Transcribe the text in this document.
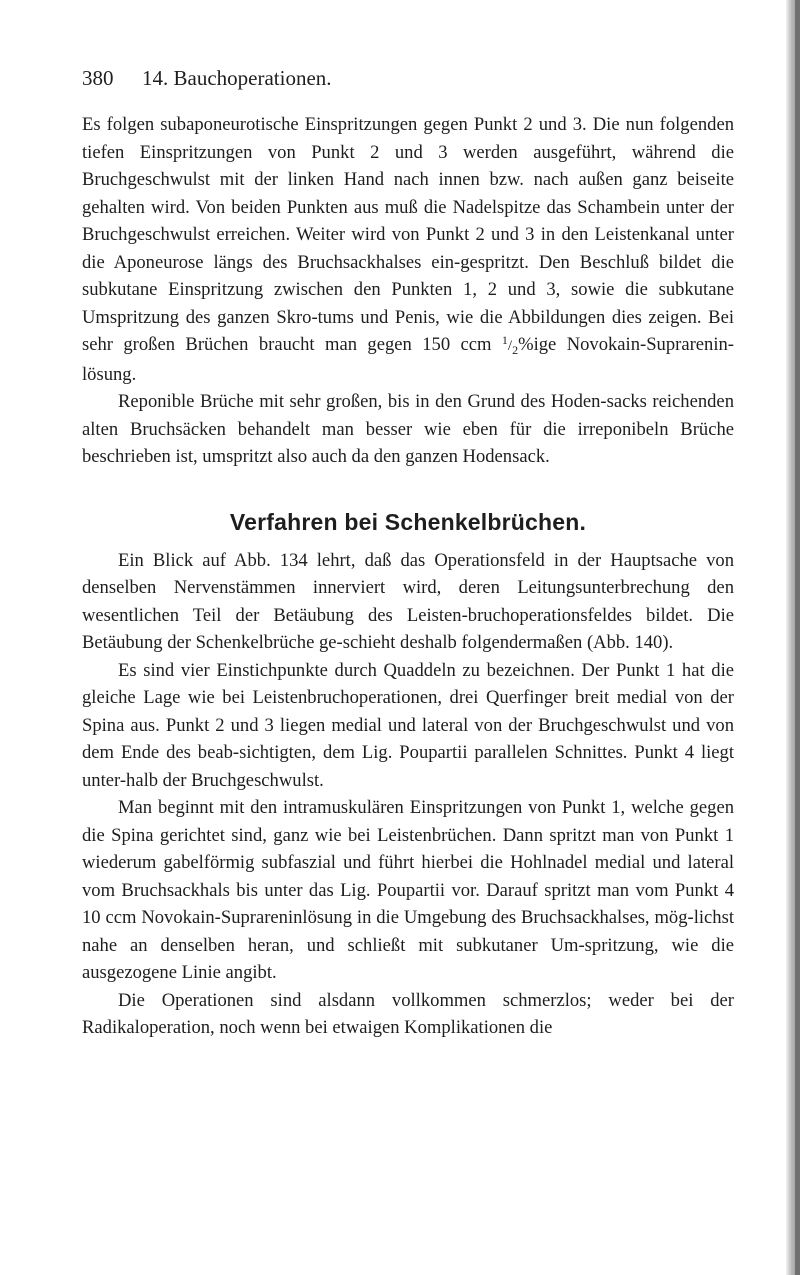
380 14. Bauchoperationen.

Es folgen subaponeurotische Einspritzungen gegen Punkt 2 und 3. Die nun folgenden tiefen Einspritzungen von Punkt 2 und 3 werden ausgeführt, während die Bruchgeschwulst mit der linken Hand nach innen bzw. nach außen ganz beiseite gehalten wird. Von beiden Punkten aus muß die Nadelspitze das Schambein unter der Bruchgeschwulst erreichen. Weiter wird von Punkt 2 und 3 in den Leistenkanal unter die Aponeurose längs des Bruchsackhalses ein-gespritzt. Den Beschluß bildet die subkutane Einspritzung zwischen den Punkten 1, 2 und 3, sowie die subkutane Umspritzung des ganzen Skro-tums und Penis, wie die Abbildungen dies zeigen. Bei sehr großen Brüchen braucht man gegen 150 ccm $^1/_2\%ige$ Novokain-Suprarenin-lösung.

Reponible Brüche mit sehr großen, bis in den Grund des Hoden-sacks reichenden alten Bruchsäcken behandelt man besser wie eben für die irreponibeln Brüche beschrieben ist, umspritzt also auch da den ganzen Hodensack.

Verfahren bei Schenkelbrüchen.

Ein Blick auf Abb. 134 lehrt, daß das Operationsfeld in der Hauptsache von denselben Nervenstämmen innerviert wird, deren Leitungsunterbrechung den wesentlichen Teil der Betäubung des Leisten-bruchoperationsfeldes bildet. Die Betäubung der Schenkelbrüche ge-schieht deshalb folgendermaßen (Abb. 140).

Es sind vier Einstichpunkte durch Quaddeln zu bezeichnen. Der Punkt 1 hat die gleiche Lage wie bei Leistenbruchoperationen, drei Querfinger breit medial von der Spina aus. Punkt 2 und 3 liegen medial und lateral von der Bruchgeschwulst und von dem Ende des beab-sichtigten, dem Lig. Poupartii parallelen Schnittes. Punkt 4 liegt unter-halb der Bruchgeschwulst.

Man beginnt mit den intramuskulären Einspritzungen von Punkt 1, welche gegen die Spina gerichtet sind, ganz wie bei Leistenbrüchen. Dann spritzt man von Punkt 1 wiederum gabelförmig subfaszial und führt hierbei die Hohlnadel medial und lateral vom Bruchsackhals bis unter das Lig. Poupartii vor. Darauf spritzt man vom Punkt 4 10 ccm Novokain-Suprareninlösung in die Umgebung des Bruchsackhalses, mög-lichst nahe an denselben heran, und schließt mit subkutaner Um-spritzung, wie die ausgezogene Linie angibt.

Die Operationen sind alsdann vollkommen schmerzlos; weder bei der Radikaloperation, noch wenn bei etwaigen Komplikationen die
